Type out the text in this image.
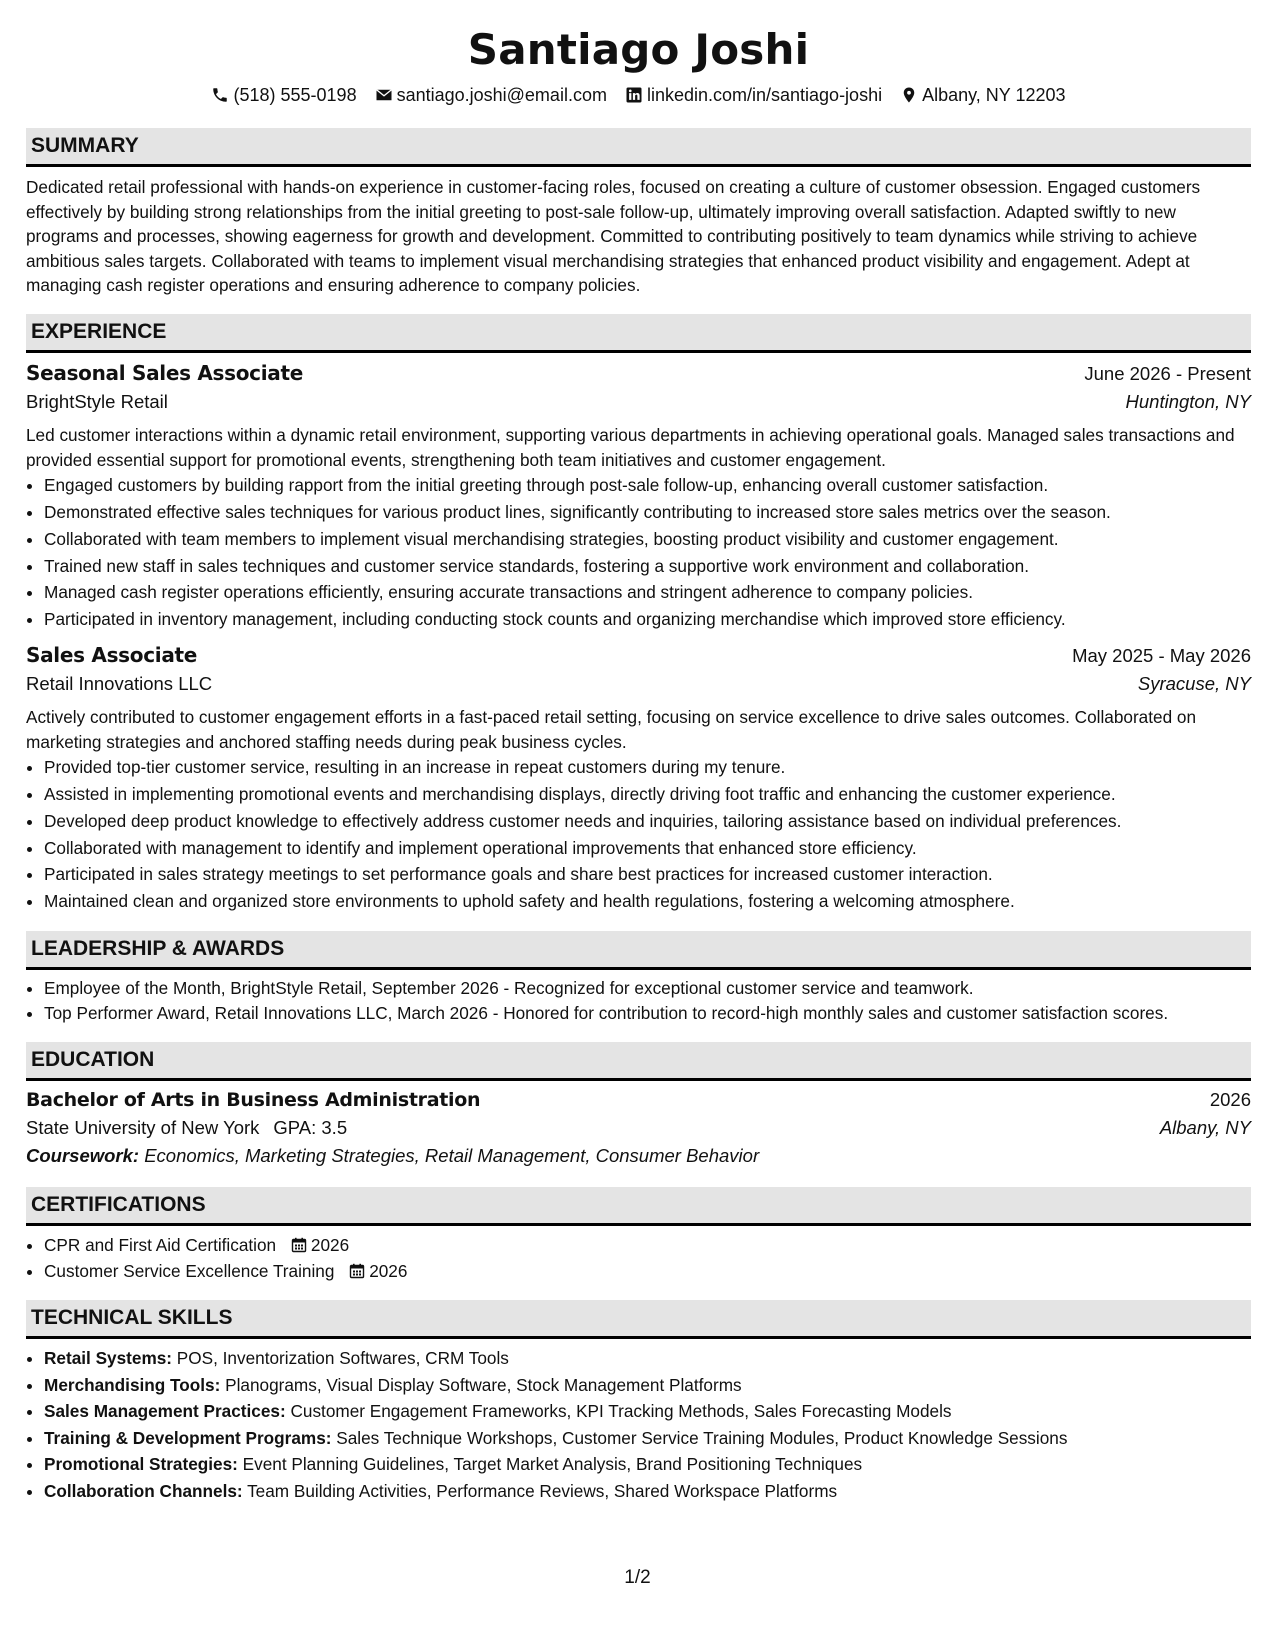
Santiago Joshi
(518) 555-0198 santiago.joshi@email.com linkedin.com/in/santiago-joshi Albany, NY 12203
SUMMARY
Dedicated retail professional with hands-on experience in customer-facing roles, focused on creating a culture of customer obsession. Engaged customers effectively by building strong relationships from the initial greeting to post-sale follow-up, ultimately improving overall satisfaction. Adapted swiftly to new programs and processes, showing eagerness for growth and development. Committed to contributing positively to team dynamics while striving to achieve ambitious sales targets. Collaborated with teams to implement visual merchandising strategies that enhanced product visibility and engagement. Adept at managing cash register operations and ensuring adherence to company policies.
EXPERIENCE
Seasonal Sales Associate	June 2026 - Present
BrightStyle Retail	Huntington, NY
Led customer interactions within a dynamic retail environment, supporting various departments in achieving operational goals. Managed sales transactions and provided essential support for promotional events, strengthening both team initiatives and customer engagement.
• Engaged customers by building rapport from the initial greeting through post-sale follow-up, enhancing overall customer satisfaction.
• Demonstrated effective sales techniques for various product lines, significantly contributing to increased store sales metrics over the season.
• Collaborated with team members to implement visual merchandising strategies, boosting product visibility and customer engagement.
• Trained new staff in sales techniques and customer service standards, fostering a supportive work environment and collaboration.
• Managed cash register operations efficiently, ensuring accurate transactions and stringent adherence to company policies.
• Participated in inventory management, including conducting stock counts and organizing merchandise which improved store efficiency.
Sales Associate	May 2025 - May 2026
Retail Innovations LLC	Syracuse, NY
Actively contributed to customer engagement efforts in a fast-paced retail setting, focusing on service excellence to drive sales outcomes. Collaborated on marketing strategies and anchored staffing needs during peak business cycles.
• Provided top-tier customer service, resulting in an increase in repeat customers during my tenure.
• Assisted in implementing promotional events and merchandising displays, directly driving foot traffic and enhancing the customer experience.
• Developed deep product knowledge to effectively address customer needs and inquiries, tailoring assistance based on individual preferences.
• Collaborated with management to identify and implement operational improvements that enhanced store efficiency.
• Participated in sales strategy meetings to set performance goals and share best practices for increased customer interaction.
• Maintained clean and organized store environments to uphold safety and health regulations, fostering a welcoming atmosphere.
LEADERSHIP & AWARDS
• Employee of the Month, BrightStyle Retail, September 2026 - Recognized for exceptional customer service and teamwork.
• Top Performer Award, Retail Innovations LLC, March 2026 - Honored for contribution to record-high monthly sales and customer satisfaction scores.
EDUCATION
Bachelor of Arts in Business Administration	2026
State University of New York GPA: 3.5	Albany, NY
Coursework: Economics, Marketing Strategies, Retail Management, Consumer Behavior
CERTIFICATIONS
• CPR and First Aid Certification 2026
• Customer Service Excellence Training 2026
TECHNICAL SKILLS
• Retail Systems: POS, Inventorization Softwares, CRM Tools
• Merchandising Tools: Planograms, Visual Display Software, Stock Management Platforms
• Sales Management Practices: Customer Engagement Frameworks, KPI Tracking Methods, Sales Forecasting Models
• Training & Development Programs: Sales Technique Workshops, Customer Service Training Modules, Product Knowledge Sessions
• Promotional Strategies: Event Planning Guidelines, Target Market Analysis, Brand Positioning Techniques
• Collaboration Channels: Team Building Activities, Performance Reviews, Shared Workspace Platforms
1/2
